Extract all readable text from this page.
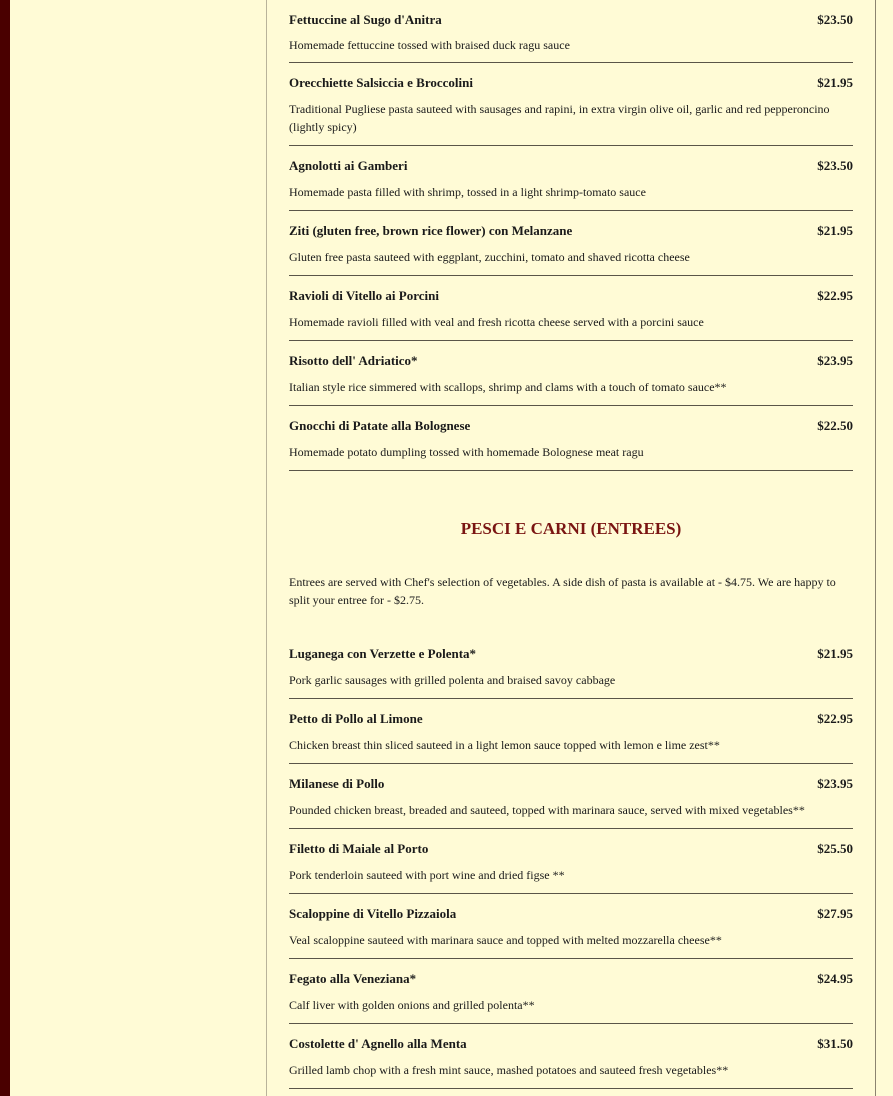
Fettuccine al Sugo d'Anitra	$23.50
Homemade fettuccine tossed with braised duck ragu sauce
Orecchiette Salsiccia e Broccolini	$21.95
Traditional Pugliese pasta sauteed with sausages and rapini, in extra virgin olive oil, garlic and red pepperoncino (lightly spicy)
Agnolotti ai Gamberi	$23.50
Homemade pasta filled with shrimp, tossed in a light shrimp-tomato sauce
Ziti (gluten free, brown rice flower) con Melanzane	$21.95
Gluten free pasta sauteed with eggplant, zucchini, tomato and shaved ricotta cheese
Ravioli di Vitello ai Porcini	$22.95
Homemade ravioli filled with veal and fresh ricotta cheese served with a porcini sauce
Risotto dell' Adriatico*	$23.95
Italian style rice simmered with scallops, shrimp and clams with a touch of tomato sauce**
Gnocchi di Patate alla Bolognese	$22.50
Homemade potato dumpling tossed with homemade Bolognese meat ragu
PESCI E CARNI (ENTREES)
Entrees are served with Chef's selection of vegetables. A side dish of pasta is available at - $4.75. We are happy to split your entree for - $2.75.
Luganega con Verzette e Polenta*	$21.95
Pork garlic sausages with grilled polenta and braised savoy cabbage
Petto di Pollo al Limone	$22.95
Chicken breast thin sliced sauteed in a light lemon sauce topped with lemon e lime zest**
Milanese di Pollo	$23.95
Pounded chicken breast, breaded and sauteed, topped with marinara sauce, served with mixed vegetables**
Filetto di Maiale al Porto	$25.50
Pork tenderloin sauteed with port wine and dried figse **
Scaloppine di Vitello Pizzaiola	$27.95
Veal scaloppine sauteed with marinara sauce and topped with melted mozzarella cheese**
Fegato alla Veneziana*	$24.95
Calf liver with golden onions and grilled polenta**
Costolette d' Agnello alla Menta	$31.50
Grilled lamb chop with a fresh mint sauce, mashed potatoes and sauteed fresh vegetables**
